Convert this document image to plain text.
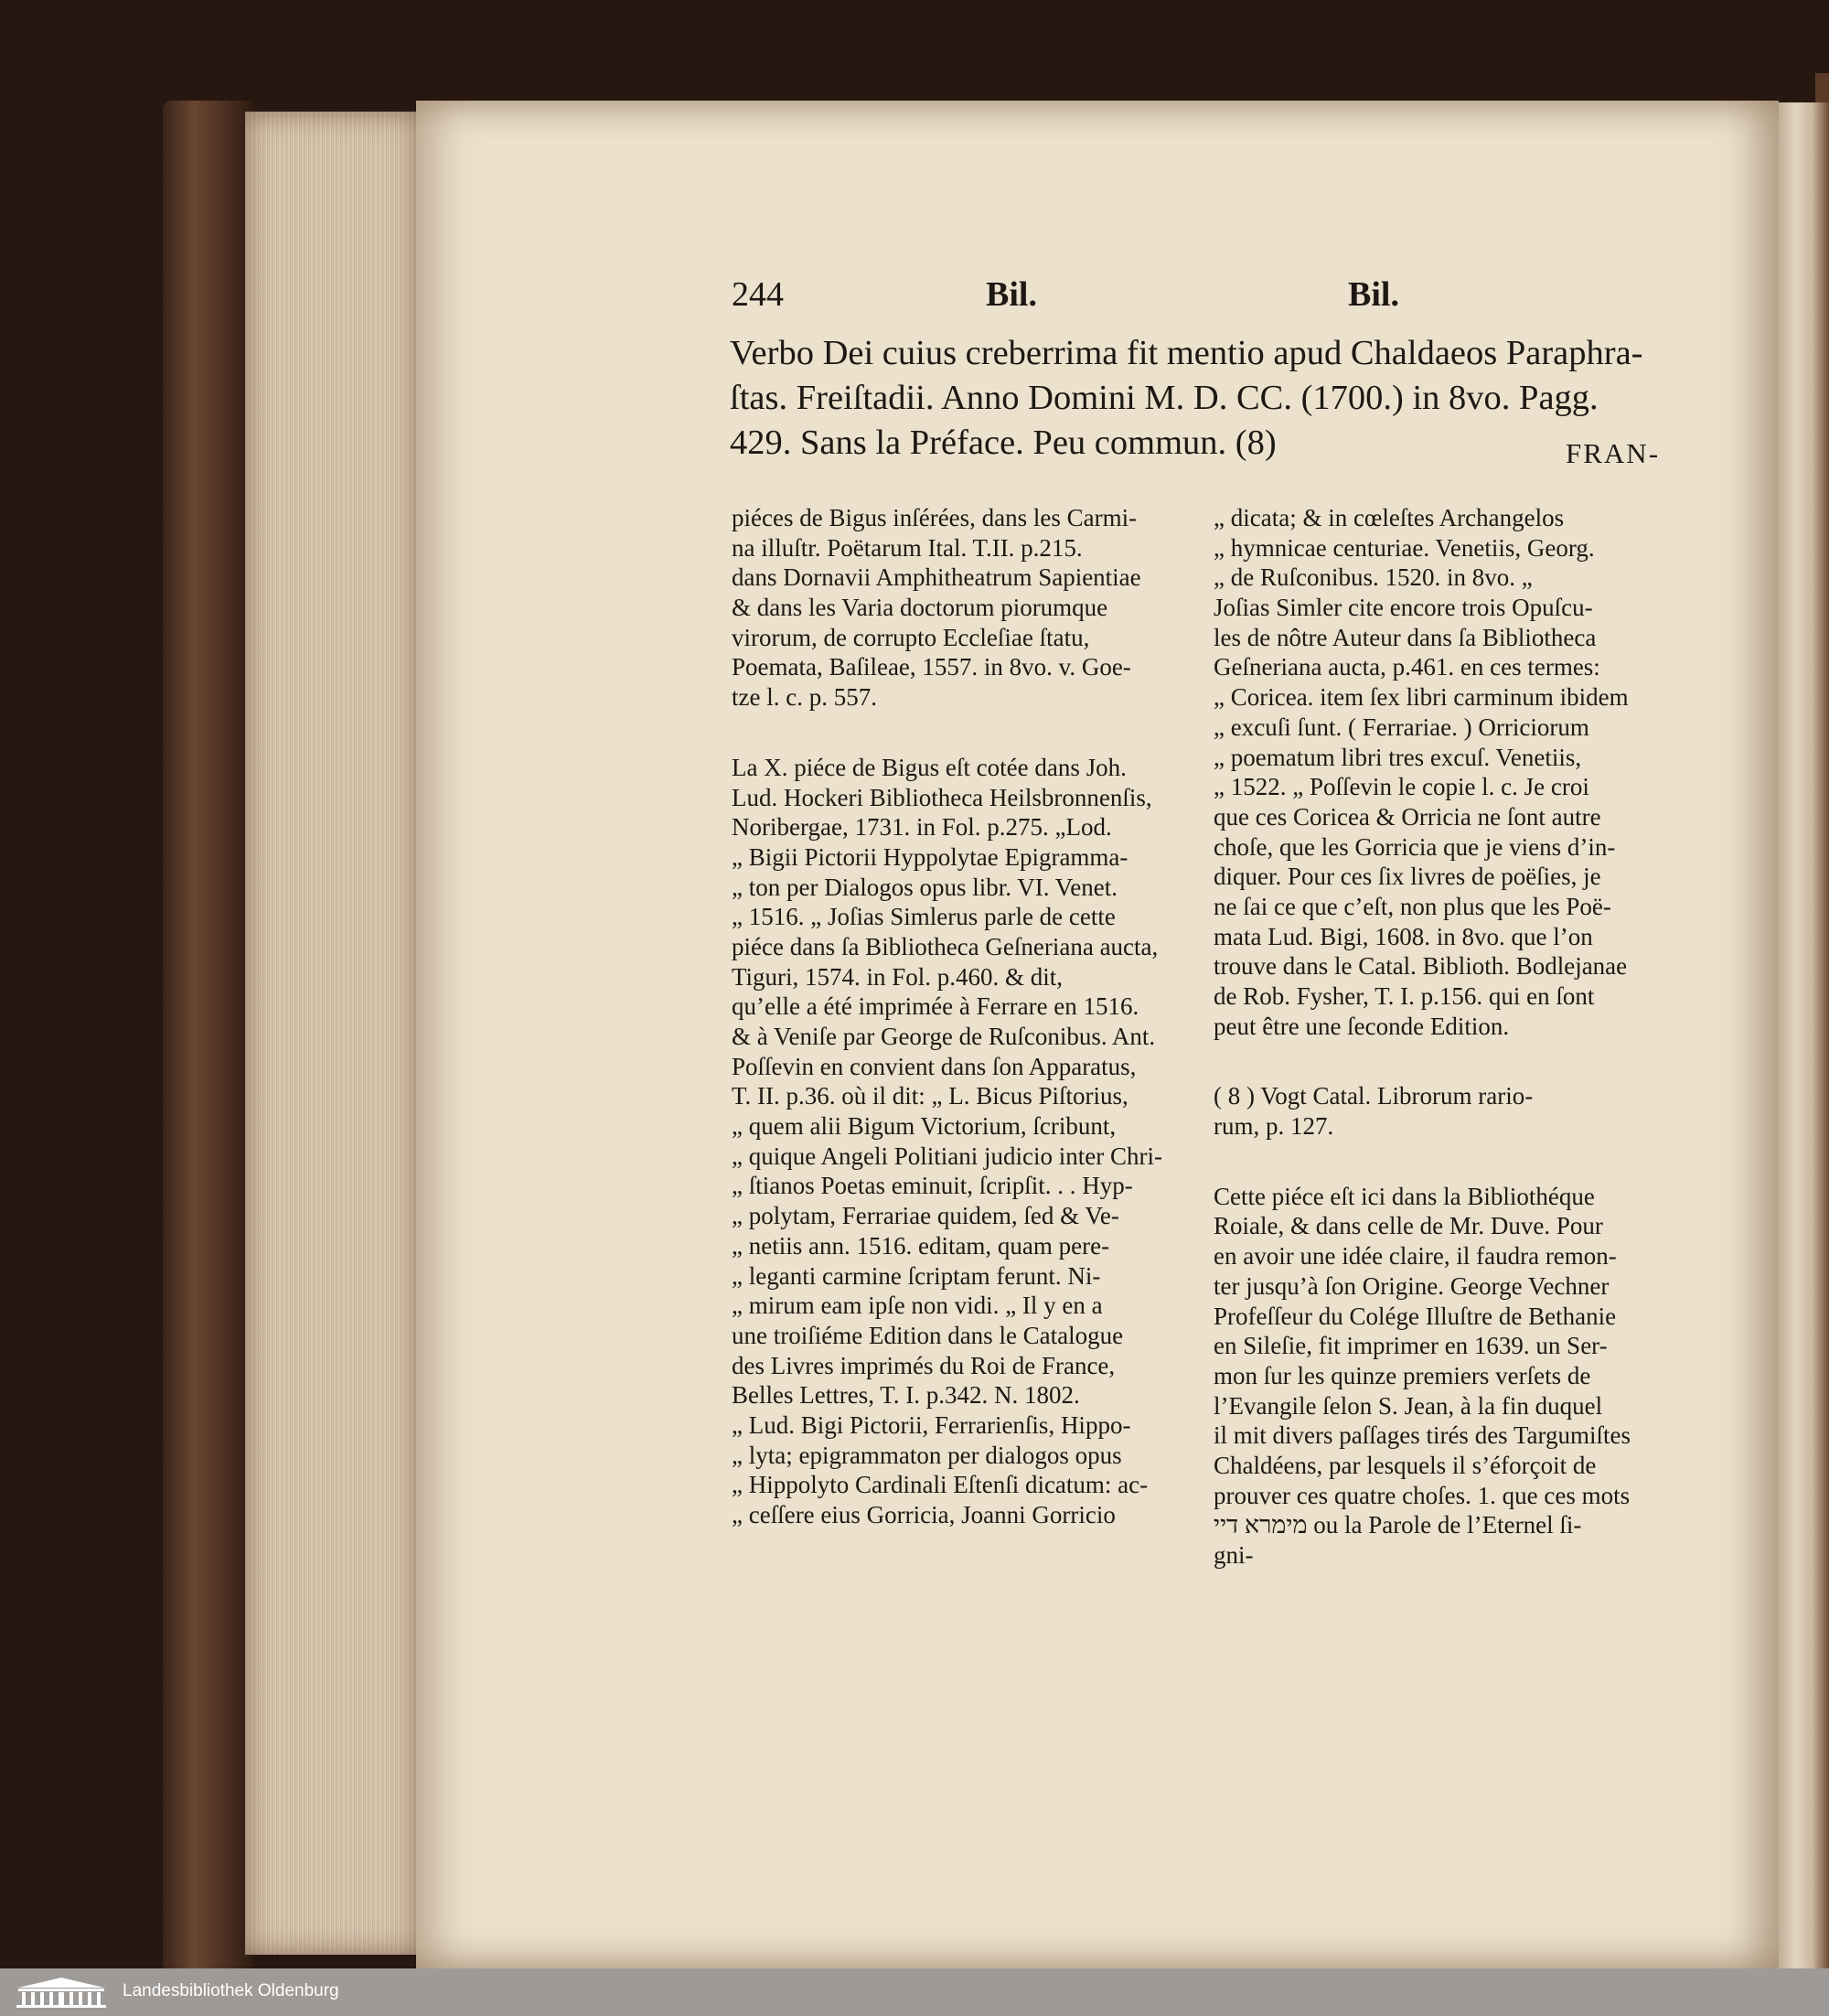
244	Bil.	Bil.
Verbo Dei cuius creberrima fit mentio apud Chaldaeos Paraphra-
ſtas. Freiſtadii. Anno Domini M. D. CC. (1700.) in 8vo. Pagg.
429. Sans la Préface. Peu commun. (8)	FRAN-
piéces de Bigus inſérées, dans les Carmi-
na illuſtr. Poëtarum Ital. T.II. p.215.
dans Dornavii Amphitheatrum Sapientiae
& dans les Varia doctorum piorumque
virorum, de corrupto Eccleſiae ſtatu,
Poemata, Baſileae, 1557. in 8vo. v. Goe-
tze l. c. p. 557.
La X. piéce de Bigus eſt cotée dans Joh.
Lud. Hockeri Bibliotheca Heilsbronnenſis,
Noribergae, 1731. in Fol. p.275. „Lod.
„ Bigii Pictorii Hyppolytae Epigramma-
„ ton per Dialogos opus libr. VI. Venet.
„ 1516. „ Joſias Simlerus parle de cette
piéce dans ſa Bibliotheca Geſneriana aucta,
Tiguri, 1574. in Fol. p.460. & dit,
qu’elle a été imprimée à Ferrare en 1516.
& à Veniſe par George de Ruſconibus. Ant.
Poſſevin en convient dans ſon Apparatus,
T. II. p.36. où il dit: „ L. Bicus Piſtorius,
„ quem alii Bigum Victorium, ſcribunt,
„ quique Angeli Politiani judicio inter Chri-
„ ſtianos Poetas eminuit, ſcripſit. . . Hyp-
„ polytam, Ferrariae quidem, ſed & Ve-
„ netiis ann. 1516. editam, quam pere-
„ leganti carmine ſcriptam ferunt. Ni-
„ mirum eam ipſe non vidi. „ Il y en a
une troiſiéme Edition dans le Catalogue
des Livres imprimés du Roi de France,
Belles Lettres, T. I. p.342. N. 1802.
„ Lud. Bigi Pictorii, Ferrarienſis, Hippo-
„ lyta; epigrammaton per dialogos opus
„ Hippolyto Cardinali Eſtenſi dicatum: ac-
„ ceſſere eius Gorricia, Joanni Gorricio
„ dicata; & in cœleſtes Archangelos
„ hymnicae centuriae. Venetiis, Georg.
„ de Ruſconibus. 1520. in 8vo. „
Joſias Simler cite encore trois Opuſcu-
les de nôtre Auteur dans ſa Bibliotheca
Geſneriana aucta, p.461. en ces termes:
„ Coricea. item ſex libri carminum ibidem
„ excuſi ſunt. ( Ferrariae. ) Orriciorum
„ poematum libri tres excuſ. Venetiis,
„ 1522. „ Poſſevin le copie l. c. Je croi
que ces Coricea & Orricia ne ſont autre
choſe, que les Gorricia que je viens d’in-
diquer. Pour ces ſix livres de poëſies, je
ne ſai ce que c’eſt, non plus que les Poë-
mata Lud. Bigi, 1608. in 8vo. que l’on
trouve dans le Catal. Biblioth. Bodlejanae
de Rob. Fysher, T. I. p.156. qui en ſont
peut être une ſeconde Edition.
( 8 ) Vogt Catal. Librorum rario-
rum, p. 127.
Cette piéce eſt ici dans la Bibliothéque
Roiale, & dans celle de Mr. Duve. Pour
en avoir une idée claire, il faudra remon-
ter jusqu’à ſon Origine. George Vechner
Profeſſeur du Colége Illuſtre de Bethanie
en Sileſie, fit imprimer en 1639. un Ser-
mon ſur les quinze premiers verſets de
l’Evangile ſelon S. Jean, à la fin duquel
il mit divers paſſages tirés des Targumiſtes
Chaldéens, par lesquels il s’éforçoit de
prouver ces quatre choſes. 1. que ces mots
מימרא דיי ou la Parole de l’Eternel ſi-
gni-
Landesbibliothek Oldenburg
